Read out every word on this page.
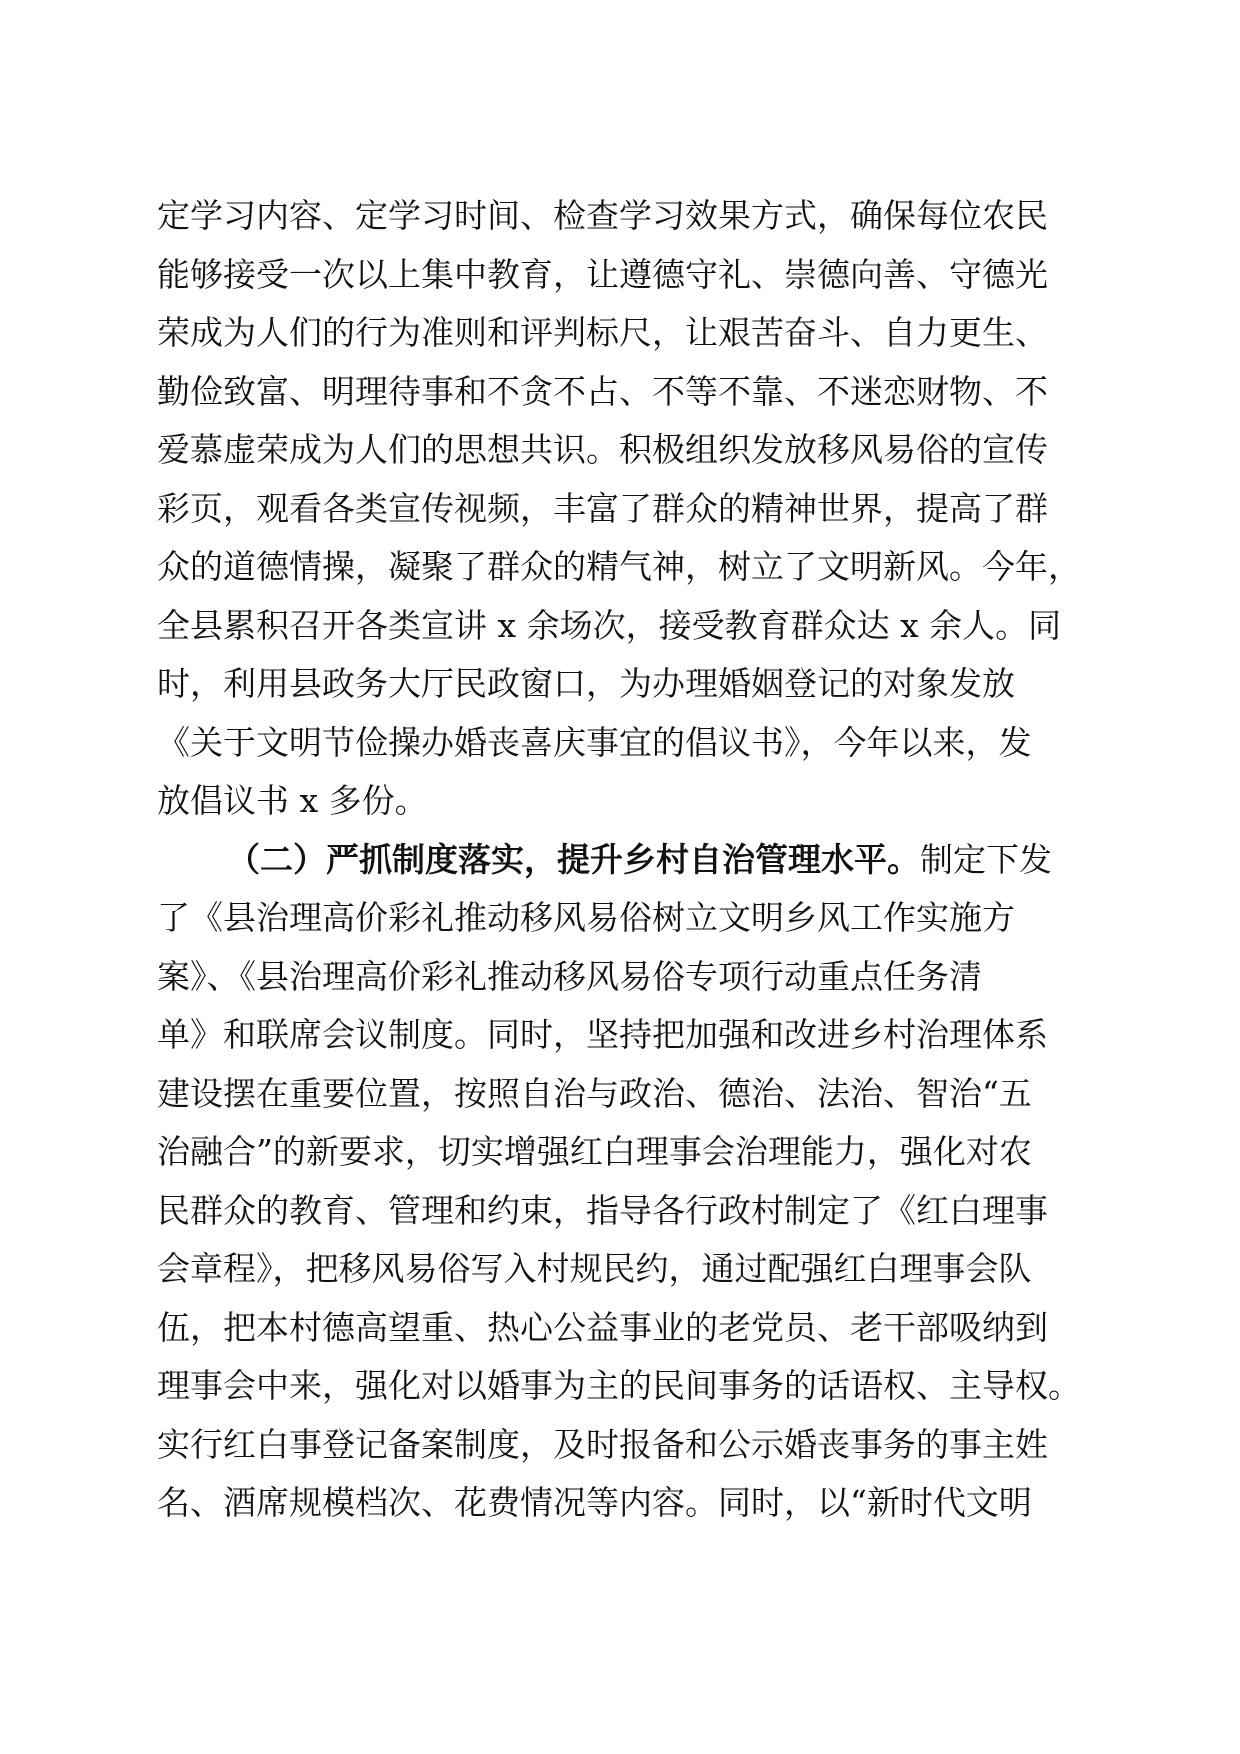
定学习内容、定学习时间、检查学习效果方式，确保每位农民

能够接受一次以上集中教育，让遵德守礼、崇德向善、守德光

荣成为人们的行为准则和评判标尺，让艰苦奋斗、自力更生、

勤俭致富、明理待事和不贪不占、不等不靠、不迷恋财物、不

爱慕虚荣成为人们的思想共识。积极组织发放移风易俗的宣传

彩页，观看各类宣传视频，丰富了群众的精神世界，提高了群

众的道德情操，凝聚了群众的精气神，树立了文明新风。今年，

全县累积召开各类宣讲 x 余场次，接受教育群众达 x 余人。同

时，利用县政务大厅民政窗口，为办理婚姻登记的对象发放

《关于文明节俭操办婚丧喜庆事宜的倡议书》，今年以来，发

放倡议书 x 多份。

（二）严抓制度落实，提升乡村自治管理水平。制定下发

了《县治理高价彩礼推动移风易俗树立文明乡风工作实施方

案》、《县治理高价彩礼推动移风易俗专项行动重点任务清

单》和联席会议制度。同时，坚持把加强和改进乡村治理体系

建设摆在重要位置，按照自治与政治、德治、法治、智治“五

治融合”的新要求，切实增强红白理事会治理能力，强化对农

民群众的教育、管理和约束，指导各行政村制定了《红白理事

会章程》，把移风易俗写入村规民约，通过配强红白理事会队

伍，把本村德高望重、热心公益事业的老党员、老干部吸纳到

理事会中来，强化对以婚事为主的民间事务的话语权、主导权。

实行红白事登记备案制度，及时报备和公示婚丧事务的事主姓

名、酒席规模档次、花费情况等内容。同时，以“新时代文明
